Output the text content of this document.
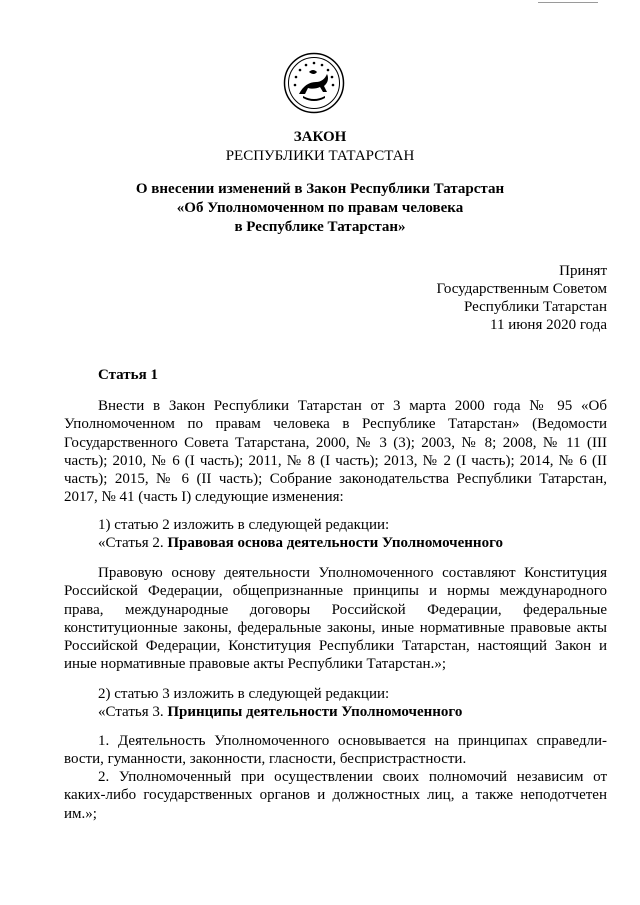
ЗАКОН
РЕСПУБЛИКИ ТАТАРСТАН
О внесении изменений в Закон Республики Татарстан
«Об Уполномоченном по правам человека
в Республике Татарстан»
Принят
Государственным Советом
Республики Татарстан
11 июня 2020 года
Статья 1
Внести в Закон Республики Татарстан от 3 марта 2000 года № 95 «Об Уполномоченном по правам человека в Республике Татарстан» (Ведомости Государственного Совета Татарстана, 2000, № 3 (3); 2003, № 8; 2008, № 11 (III часть); 2010, № 6 (I часть); 2011, № 8 (I часть); 2013, № 2 (I часть); 2014, № 6 (II часть); 2015, № 6 (II часть); Собрание законодательства Республики Татарстан, 2017, № 41 (часть I) следующие изменения:
1) статью 2 изложить в следующей редакции:
«Статья 2. Правовая основа деятельности Уполномоченного
Правовую основу деятельности Уполномоченного составляют Конституция Российской Федерации, общепризнанные принципы и нормы международного права, международные договоры Российской Федерации, федеральные конституционные законы, федеральные законы, иные нормативные правовые акты Российской Федерации, Конституция Республики Татарстан, настоящий Закон и иные нормативные правовые акты Республики Татарстан.»;
2) статью 3 изложить в следующей редакции:
«Статья 3. Принципы деятельности Уполномоченного
1. Деятельность Уполномоченного основывается на принципах справедли-вости, гуманности, законности, гласности, беспристрастности.
2. Уполномоченный при осуществлении своих полномочий независим от каких-либо государственных органов и должностных лиц, а также неподотчетен им.»;
